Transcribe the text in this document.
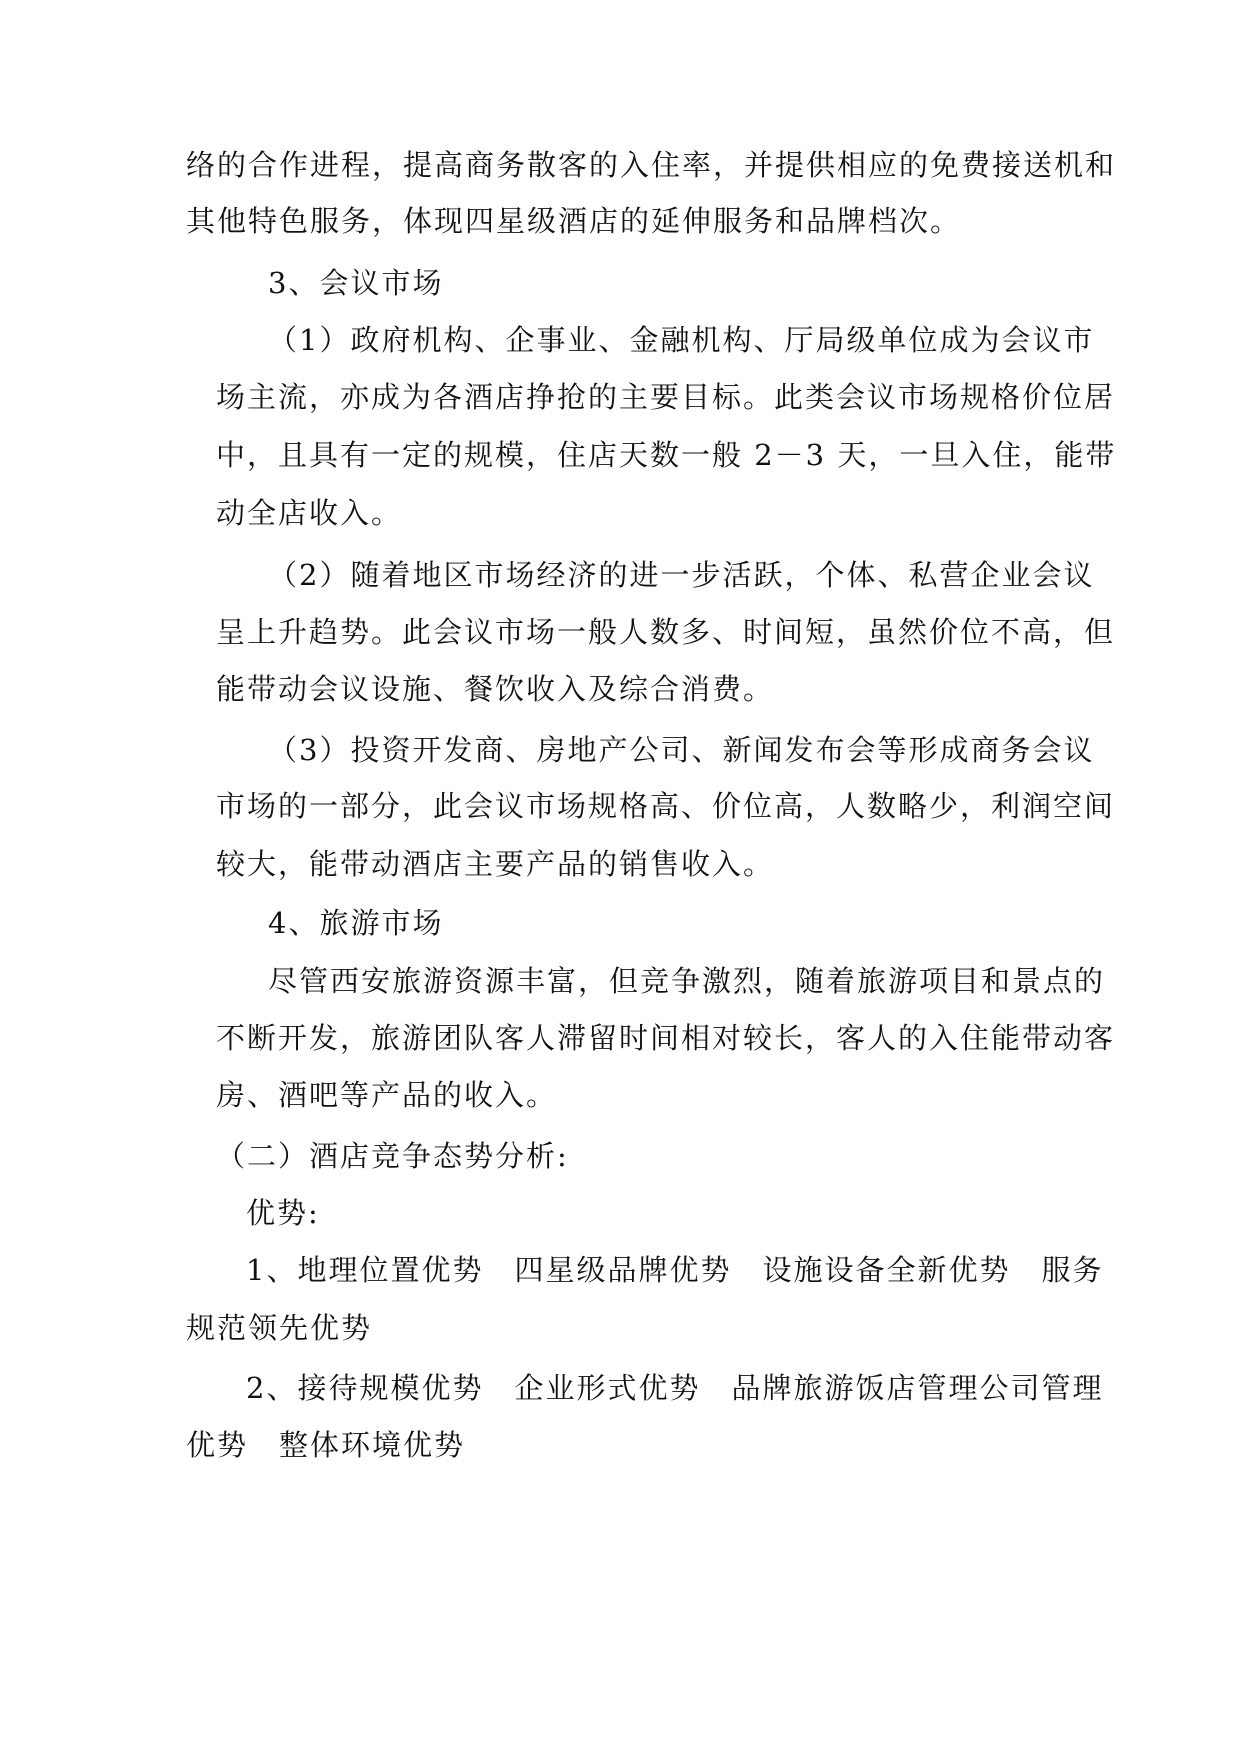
络的合作进程，提高商务散客的入住率，并提供相应的免费接送机和
其他特色服务，体现四星级酒店的延伸服务和品牌档次。
3、会议市场
（1）政府机构、企事业、金融机构、厅局级单位成为会议市
场主流，亦成为各酒店挣抢的主要目标。此类会议市场规格价位居
中，且具有一定的规模，住店天数一般 2－3 天，一旦入住，能带
动全店收入。
（2）随着地区市场经济的进一步活跃，个体、私营企业会议
呈上升趋势。此会议市场一般人数多、时间短，虽然价位不高，但
能带动会议设施、餐饮收入及综合消费。
（3）投资开发商、房地产公司、新闻发布会等形成商务会议
市场的一部分，此会议市场规格高、价位高，人数略少，利润空间
较大，能带动酒店主要产品的销售收入。
4、旅游市场
尽管西安旅游资源丰富，但竞争激烈，随着旅游项目和景点的
不断开发，旅游团队客人滞留时间相对较长，客人的入住能带动客
房、酒吧等产品的收入。
（二）酒店竞争态势分析:
优势:
1、地理位置优势　四星级品牌优势　设施设备全新优势　服务
规范领先优势
2、接待规模优势　企业形式优势　品牌旅游饭店管理公司管理
优势　整体环境优势
